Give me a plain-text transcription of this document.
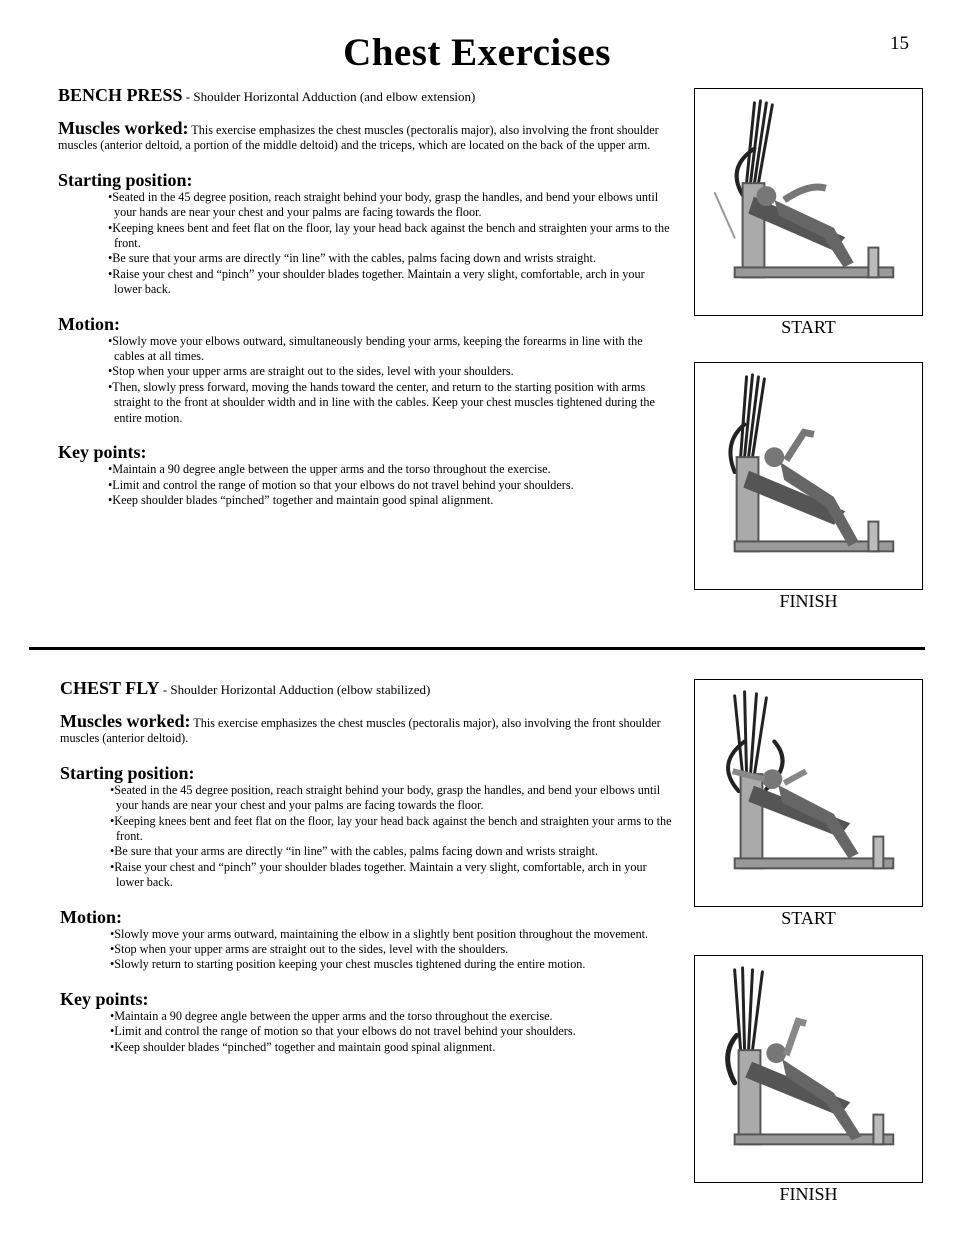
15
Chest Exercises
BENCH PRESS - Shoulder Horizontal Adduction (and elbow extension)
Muscles worked: This exercise emphasizes the chest muscles (pectoralis major), also involving the front shoulder muscles (anterior deltoid, a portion of the middle deltoid) and the triceps, which are located on the back of the upper arm.
Starting position:
• Seated in the 45 degree position, reach straight behind your body, grasp the handles, and bend your elbows until your hands are near your chest and your palms are facing towards the floor.
• Keeping knees bent and feet flat on the floor, lay your head back against the bench and straighten your arms to the front.
• Be sure that your arms are directly “in line” with the cables, palms facing down and wrists straight.
• Raise your chest and “pinch” your shoulder blades together. Maintain a very slight, comfortable, arch in your lower back.
Motion:
• Slowly move your elbows outward, simultaneously bending your arms, keeping the forearms in line with the cables at all times.
• Stop when your upper arms are straight out to the sides, level with your shoulders.
• Then, slowly press forward, moving the hands toward the center, and return to the starting position with arms straight to the front at shoulder width and in line with the cables. Keep your chest muscles tightened during the entire motion.
Key points:
• Maintain a 90 degree angle between the upper arms and the torso throughout the exercise.
• Limit and control the range of motion so that your elbows do not travel behind your shoulders.
• Keep shoulder blades “pinched” together and maintain good spinal alignment.
START
FINISH
CHEST FLY - Shoulder Horizontal Adduction (elbow stabilized)
Muscles worked: This exercise emphasizes the chest muscles (pectoralis major), also involving the front shoulder muscles (anterior deltoid).
Starting position:
• Seated in the 45 degree position, reach straight behind your body, grasp the handles, and bend your elbows until your hands are near your chest and your palms are facing towards the floor.
• Keeping knees bent and feet flat on the floor, lay your head back against the bench and straighten your arms to the front.
• Be sure that your arms are directly “in line” with the cables, palms facing down and wrists straight.
• Raise your chest and “pinch” your shoulder blades together. Maintain a very slight, comfortable, arch in your lower back.
Motion:
• Slowly move your arms outward, maintaining the elbow in a slightly bent position throughout the movement.
• Stop when your upper arms are straight out to the sides, level with the shoulders.
• Slowly return to starting position keeping your chest muscles tightened during the entire motion.
Key points:
• Maintain a 90 degree angle between the upper arms and the torso throughout the exercise.
• Limit and control the range of motion so that your elbows do not travel behind your shoulders.
• Keep shoulder blades “pinched” together and maintain good spinal alignment.
START
FINISH
